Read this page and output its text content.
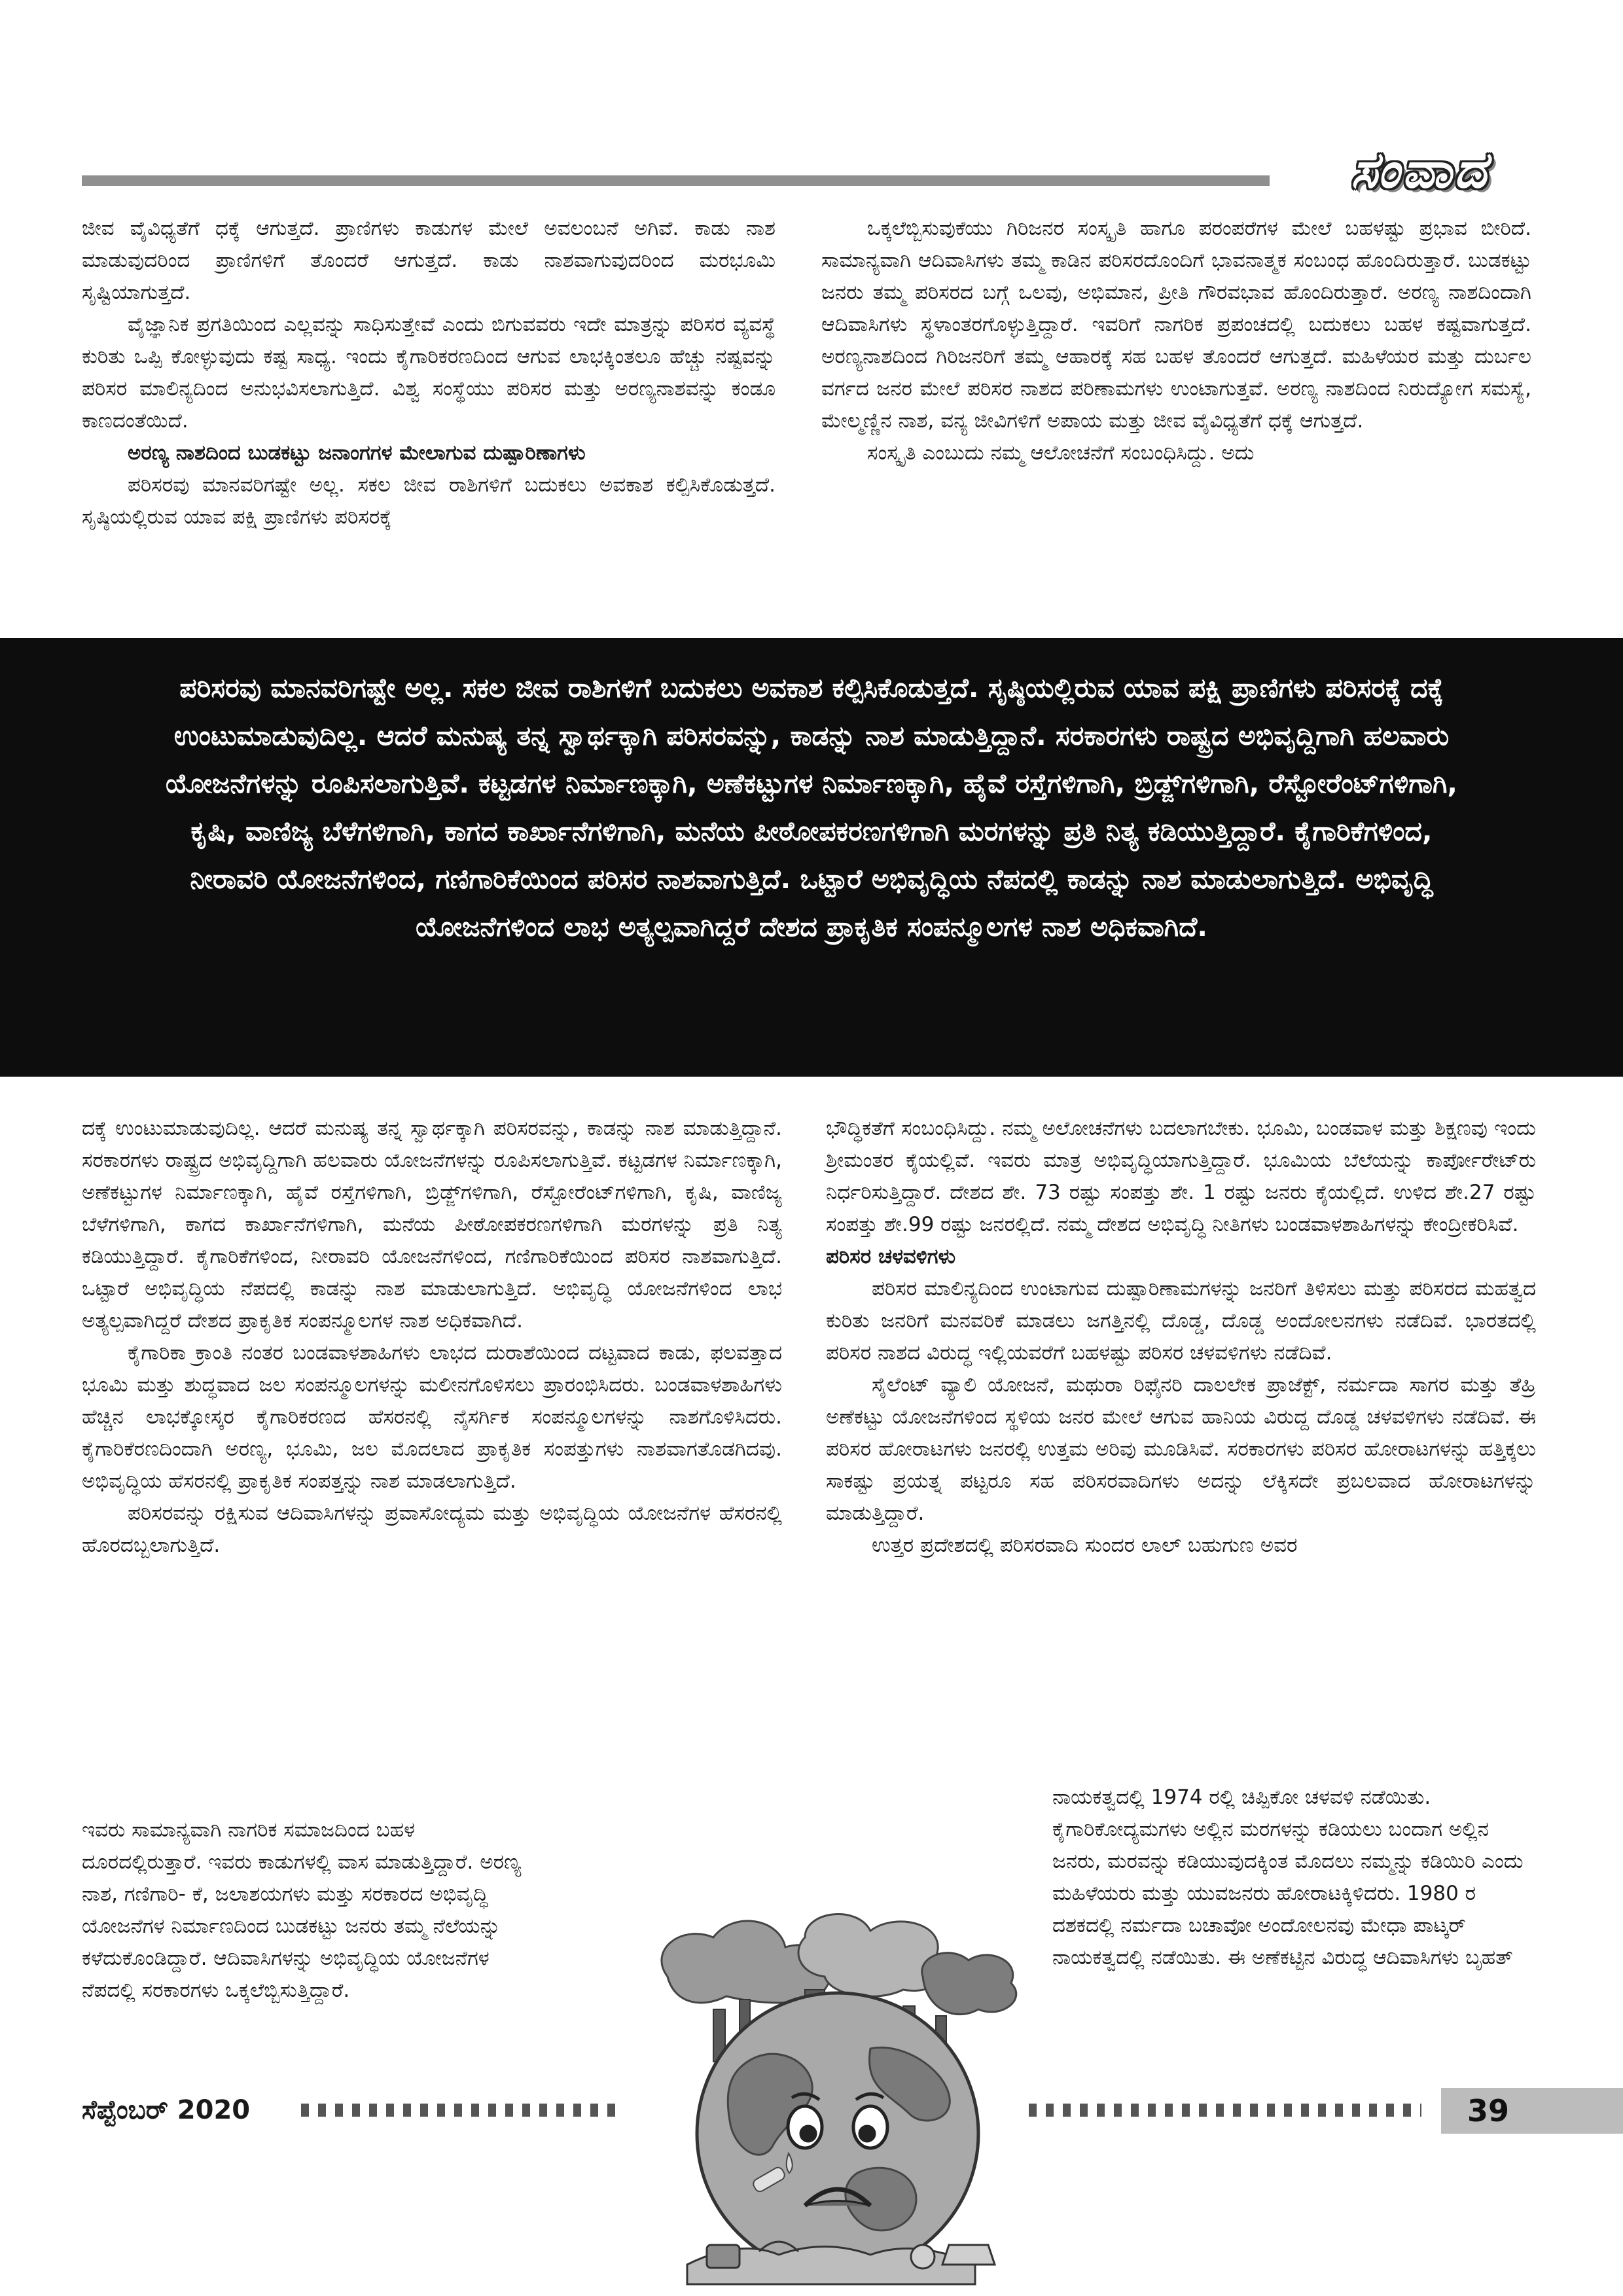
ಸಂವಾದ

ಜೀವ ವೈವಿಧ್ಯತೆಗೆ ಧಕ್ಕೆ ಆಗುತ್ತದೆ. ಪ್ರಾಣಿಗಳು ಕಾಡುಗಳ ಮೇಲೆ ಅವಲಂಬನೆ ಅಗಿವೆ. ಕಾಡು ನಾಶ ಮಾಡುವುದರಿಂದ ಪ್ರಾಣಿಗಳಿಗೆ ತೊಂದರೆ ಆಗುತ್ತದೆ. ಕಾಡು ನಾಶವಾಗುವುದರಿಂದ ಮರಭೂಮಿ ಸೃಷ್ಟಿಯಾಗುತ್ತದೆ.

ವೈಜ್ಞಾನಿಕ ಪ್ರಗತಿಯಿಂದ ಎಲ್ಲವನ್ನು ಸಾಧಿಸುತ್ತೇವೆ ಎಂದು ಬಿಗುವವರು ಇದೇ ಮಾತ್ರನ್ನು ಪರಿಸರ ವ್ಯವಸ್ಥೆ ಕುರಿತು ಒಪ್ಪಿ ಕೋಳ್ಳುವುದು ಕಷ್ಟ ಸಾಧ್ಯ. ಇಂದು ಕೈಗಾರಿಕರಣದಿಂದ ಆಗುವ ಲಾಭಕ್ಕಿಂತಲೂ ಹೆಚ್ಚು ನಷ್ಟವನ್ನು ಪರಿಸರ ಮಾಲಿನ್ಯದಿಂದ ಅನುಭವಿಸಲಾಗುತ್ತಿದೆ. ವಿಶ್ವ ಸಂಸ್ಥೆಯು ಪರಿಸರ ಮತ್ತು ಅರಣ್ಯನಾಶವನ್ನು ಕಂಡೂ ಕಾಣದಂತೆಯಿದೆ.

ಅರಣ್ಯ ನಾಶದಿಂದ ಬುಡಕಟ್ಟು ಜನಾಂಗಗಳ ಮೇಲಾಗುವ ದುಷ್ಪಾರಿಣಾಗಳು

ಪರಿಸರವು ಮಾನವರಿಗಷ್ಟೇ ಅಲ್ಲ. ಸಕಲ ಜೀವ ರಾಶಿಗಳಿಗೆ ಬದುಕಲು ಅವಕಾಶ ಕಲ್ಪಿಸಿಕೊಡುತ್ತದೆ. ಸೃಷ್ಠಿಯಲ್ಲಿರುವ ಯಾವ ಪಕ್ಷಿ ಪ್ರಾಣಿಗಳು ಪರಿಸರಕ್ಕೆ

ಒಕ್ಕಲೆಬ್ಬಿಸುವುಕೆಯು ಗಿರಿಜನರ ಸಂಸ್ಕೃತಿ ಹಾಗೂ ಪರಂಪರೆಗಳ ಮೇಲೆ ಬಹಳಷ್ಟು ಪ್ರಭಾವ ಬೀರಿದೆ. ಸಾಮಾನ್ಯವಾಗಿ ಆದಿವಾಸಿಗಳು ತಮ್ಮ ಕಾಡಿನ ಪರಿಸರದೊಂದಿಗೆ ಭಾವನಾತ್ಮಕ ಸಂಬಂಧ ಹೊಂದಿರುತ್ತಾರೆ. ಬುಡಕಟ್ಟು ಜನರು ತಮ್ಮ ಪರಿಸರದ ಬಗ್ಗೆ ಒಲವು, ಅಭಿಮಾನ, ಪ್ರೀತಿ ಗೌರವಭಾವ ಹೊಂದಿರುತ್ತಾರೆ. ಅರಣ್ಯ ನಾಶದಿಂದಾಗಿ ಆದಿವಾಸಿಗಳು ಸ್ಥಳಾಂತರಗೊಳ್ಳುತ್ತಿದ್ದಾರೆ. ಇವರಿಗೆ ನಾಗರಿಕ ಪ್ರಪಂಚದಲ್ಲಿ ಬದುಕಲು ಬಹಳ ಕಷ್ಟವಾಗುತ್ತದೆ. ಅರಣ್ಯನಾಶದಿಂದ ಗಿರಿಜನರಿಗೆ ತಮ್ಮ ಆಹಾರಕ್ಕೆ ಸಹ ಬಹಳ ತೊಂದರೆ ಆಗುತ್ತದೆ. ಮಹಿಳೆಯರ ಮತ್ತು ದುರ್ಬಲ ವರ್ಗದ ಜನರ ಮೇಲೆ ಪರಿಸರ ನಾಶದ ಪರಿಣಾಮಗಳು ಉಂಟಾಗುತ್ತವೆ. ಅರಣ್ಯ ನಾಶದಿಂದ ನಿರುದ್ಯೋಗ ಸಮಸ್ಯೆ, ಮೇಲ್ಮಣ್ಣಿನ ನಾಶ, ವನ್ಯ ಜೀವಿಗಳಿಗೆ ಅಪಾಯ ಮತ್ತು ಜೀವ ವೈವಿಧ್ಯತೆಗೆ ಧಕ್ಕೆ ಆಗುತ್ತದೆ.

ಸಂಸ್ಕೃತಿ ಎಂಬುದು ನಮ್ಮ ಆಲೋಚನೆಗೆ ಸಂಬಂಧಿಸಿದ್ದು. ಅದು

ಪರಿಸರವು ಮಾನವರಿಗಷ್ಟೇ ಅಲ್ಲ. ಸಕಲ ಜೀವ ರಾಶಿಗಳಿಗೆ ಬದುಕಲು ಅವಕಾಶ ಕಲ್ಪಿಸಿಕೊಡುತ್ತದೆ. ಸೃಷ್ಠಿಯಲ್ಲಿರುವ ಯಾವ ಪಕ್ಷಿ ಪ್ರಾಣಿಗಳು ಪರಿಸರಕ್ಕೆ ದಕ್ಕೆ ಉಂಟುಮಾಡುವುದಿಲ್ಲ. ಆದರೆ ಮನುಷ್ಯ ತನ್ನ ಸ್ವಾರ್ಥಕ್ಕಾಗಿ ಪರಿಸರವನ್ನು, ಕಾಡನ್ನು ನಾಶ ಮಾಡುತ್ತಿದ್ದಾನೆ. ಸರಕಾರಗಳು ರಾಷ್ಟ್ರದ ಅಭಿವೃದ್ದಿಗಾಗಿ ಹಲವಾರು ಯೋಜನೆಗಳನ್ನು ರೂಪಿಸಲಾಗುತ್ತಿವೆ. ಕಟ್ಟಡಗಳ ನಿರ್ಮಾಣಕ್ಕಾಗಿ, ಅಣೆಕಟ್ಟುಗಳ ನಿರ್ಮಾಣಕ್ಕಾಗಿ, ಹೈವೆ ರಸ್ತೆಗಳಿಗಾಗಿ, ಬ್ರಿಡ್ಜ್‌ಗಳಿಗಾಗಿ, ರೆಸ್ಟೋರೆಂಟ್‌ಗಳಿಗಾಗಿ, ಕೃಷಿ, ವಾಣಿಜ್ಯ ಬೆಳೆಗಳಿಗಾಗಿ, ಕಾಗದ ಕಾರ್ಖಾನೆಗಳಿಗಾಗಿ, ಮನೆಯ ಪೀಠೋಪಕರಣಗಳಿಗಾಗಿ ಮರಗಳನ್ನು ಪ್ರತಿ ನಿತ್ಯ ಕಡಿಯುತ್ತಿದ್ದಾರೆ. ಕೈಗಾರಿಕೆಗಳಿಂದ, ನೀರಾವರಿ ಯೋಜನೆಗಳಿಂದ, ಗಣಿಗಾರಿಕೆಯಿಂದ ಪರಿಸರ ನಾಶವಾಗುತ್ತಿದೆ. ಒಟ್ಟಾರೆ ಅಭಿವೃದ್ಧಿಯ ನೆಪದಲ್ಲಿ ಕಾಡನ್ನು ನಾಶ ಮಾಡುಲಾಗುತ್ತಿದೆ. ಅಭಿವೃದ್ಧಿ ಯೋಜನೆಗಳಿಂದ ಲಾಭ ಅತ್ಯಲ್ಪವಾಗಿದ್ದರೆ ದೇಶದ ಪ್ರಾಕೃತಿಕ ಸಂಪನ್ಮೂಲಗಳ ನಾಶ ಅಧಿಕವಾಗಿದೆ.

ದಕ್ಕೆ ಉಂಟುಮಾಡುವುದಿಲ್ಲ. ಆದರೆ ಮನುಷ್ಯ ತನ್ನ ಸ್ವಾರ್ಥಕ್ಕಾಗಿ ಪರಿಸರವನ್ನು, ಕಾಡನ್ನು ನಾಶ ಮಾಡುತ್ತಿದ್ದಾನೆ. ಸರಕಾರಗಳು ರಾಷ್ಟ್ರದ ಅಭಿವೃದ್ದಿಗಾಗಿ ಹಲವಾರು ಯೋಜನೆಗಳನ್ನು ರೂಪಿಸಲಾಗುತ್ತಿವೆ. ಕಟ್ಟಡಗಳ ನಿರ್ಮಾಣಕ್ಕಾಗಿ, ಅಣೆಕಟ್ಟುಗಳ ನಿರ್ಮಾಣಕ್ಕಾಗಿ, ಹೈವೆ ರಸ್ತೆಗಳಿಗಾಗಿ, ಬ್ರಿಡ್ಜ್‌ಗಳಿಗಾಗಿ, ರೆಸ್ಟೋರೆಂಟ್‌ಗಳಿಗಾಗಿ, ಕೃಷಿ, ವಾಣಿಜ್ಯ ಬೆಳೆಗಳಿಗಾಗಿ, ಕಾಗದ ಕಾರ್ಖಾನೆಗಳಿಗಾಗಿ, ಮನೆಯ ಪೀಠೋಪಕರಣಗಳಿಗಾಗಿ ಮರಗಳನ್ನು ಪ್ರತಿ ನಿತ್ಯ ಕಡಿಯುತ್ತಿದ್ದಾರೆ. ಕೈಗಾರಿಕೆಗಳಿಂದ, ನೀರಾವರಿ ಯೋಜನೆಗಳಿಂದ, ಗಣಿಗಾರಿಕೆಯಿಂದ ಪರಿಸರ ನಾಶವಾಗುತ್ತಿದೆ. ಒಟ್ಟಾರೆ ಅಭಿವೃದ್ಧಿಯ ನೆಪದಲ್ಲಿ ಕಾಡನ್ನು ನಾಶ ಮಾಡುಲಾಗುತ್ತಿದೆ. ಅಭಿವೃದ್ಧಿ ಯೋಜನೆಗಳಿಂದ ಲಾಭ ಅತ್ಯಲ್ಪವಾಗಿದ್ದರೆ ದೇಶದ ಪ್ರಾಕೃತಿಕ ಸಂಪನ್ಮೂಲಗಳ ನಾಶ ಅಧಿಕವಾಗಿದೆ.

ಕೈಗಾರಿಕಾ ಕ್ರಾಂತಿ ನಂತರ ಬಂಡವಾಳಶಾಹಿಗಳು ಲಾಭದ ದುರಾಶೆಯಿಂದ ದಟ್ಟವಾದ ಕಾಡು, ಫಲವತ್ತಾದ ಭೂಮಿ ಮತ್ತು ಶುದ್ಧವಾದ ಜಲ ಸಂಪನ್ಮೂಲಗಳನ್ನು ಮಲೀನಗೊಳಿಸಲು ಪ್ರಾರಂಭಿಸಿದರು. ಬಂಡವಾಳಶಾಹಿಗಳು ಹೆಚ್ಚಿನ ಲಾಭಕ್ಕೋಸ್ಕರ ಕೈಗಾರಿಕರಣದ ಹೆಸರನಲ್ಲಿ ನೈಸರ್ಗಿಕ ಸಂಪನ್ಮೂಲಗಳನ್ನು ನಾಶಗೊಳಿಸಿದರು. ಕೈಗಾರಿಕೆರಣದಿಂದಾಗಿ ಅರಣ್ಯ, ಭೂಮಿ, ಜಲ ಮೊದಲಾದ ಪ್ರಾಕೃತಿಕ ಸಂಪತ್ತುಗಳು ನಾಶವಾಗತೊಡಗಿದವು. ಅಭಿವೃದ್ಧಿಯ ಹೆಸರನಲ್ಲಿ ಪ್ರಾಕೃತಿಕ ಸಂಪತ್ತನ್ನು ನಾಶ ಮಾಡಲಾಗುತ್ತಿದೆ.

ಪರಿಸರವನ್ನು ರಕ್ಷಿಸುವ ಆದಿವಾಸಿಗಳನ್ನು ಪ್ರವಾಸೋದ್ಯಮ ಮತ್ತು ಅಭಿವೃದ್ಧಿಯ ಯೋಜನೆಗಳ ಹೆಸರನಲ್ಲಿ ಹೊರದಬ್ಬಲಾಗುತ್ತಿದೆ.

ಇವರು ಸಾಮಾನ್ಯವಾಗಿ ನಾಗರಿಕ ಸಮಾಜದಿಂದ ಬಹಳ ದೂರದಲ್ಲಿರುತ್ತಾರೆ. ಇವರು ಕಾಡುಗಳಲ್ಲಿ ವಾಸ ಮಾಡುತ್ತಿದ್ದಾರೆ. ಅರಣ್ಯ ನಾಶ, ಗಣಿಗಾರಿ- ಕೆ, ಜಲಾಶಯಗಳು ಮತ್ತು ಸರಕಾರದ ಅಭಿವೃದ್ಧಿ ಯೋಜನೆಗಳ ನಿರ್ಮಾಣದಿಂದ ಬುಡಕಟ್ಟು ಜನರು ತಮ್ಮ ನೆಲೆಯನ್ನು ಕಳೆದುಕೊಂಡಿದ್ದಾರೆ. ಆದಿವಾಸಿಗಳನ್ನು ಅಭಿವೃದ್ಧಿಯ ಯೋಜನೆಗಳ ನೆಪದಲ್ಲಿ ಸರಕಾರಗಳು ಒಕ್ಕಲೆಬ್ಬಿಸುತ್ತಿದ್ದಾರೆ.

ಭೌದ್ಧಿಕತೆಗೆ ಸಂಬಂಧಿಸಿದ್ದು. ನಮ್ಮ ಅಲೋಚನೆಗಳು ಬದಲಾಗಬೇಕು. ಭೂಮಿ, ಬಂಡವಾಳ ಮತ್ತು ಶಿಕ್ಷಣವು ಇಂದು ಶ್ರೀಮಂತರ ಕೈಯಲ್ಲಿವೆ. ಇವರು ಮಾತ್ರ ಅಭಿವೃದ್ಧಿಯಾಗುತ್ತಿದ್ದಾರೆ. ಭೂಮಿಯ ಬೆಲೆಯನ್ನು ಕಾರ್ಪೋರೇಟ್‌ರು ನಿರ್ಧರಿಸುತ್ತಿದ್ದಾರೆ. ದೇಶದ ಶೇ. 73 ರಷ್ಟು ಸಂಪತ್ತು ಶೇ. 1 ರಷ್ಟು ಜನರು ಕೈಯಲ್ಲಿದೆ. ಉಳಿದ ಶೇ.27 ರಷ್ಟು ಸಂಪತ್ತು ಶೇ.99 ರಷ್ಟು ಜನರಲ್ಲಿದೆ. ನಮ್ಮ ದೇಶದ ಅಭಿವೃದ್ಧಿ ನೀತಿಗಳು ಬಂಡವಾಳಶಾಹಿಗಳನ್ನು ಕೇಂದ್ರೀಕರಿಸಿವೆ.

ಪರಿಸರ ಚಳವಳಿಗಳು

ಪರಿಸರ ಮಾಲಿನ್ಯದಿಂದ ಉಂಟಾಗುವ ದುಷ್ಪಾರಿಣಾಮಗಳನ್ನು ಜನರಿಗೆ ತಿಳಿಸಲು ಮತ್ತು ಪರಿಸರದ ಮಹತ್ವದ ಕುರಿತು ಜನರಿಗೆ ಮನವರಿಕೆ ಮಾಡಲು ಜಗತ್ತಿನಲ್ಲಿ ದೊಡ್ಡ, ದೊಡ್ಡ ಅಂದೋಲನಗಳು ನಡೆದಿವೆ. ಭಾರತದಲ್ಲಿ ಪರಿಸರ ನಾಶದ ವಿರುದ್ಧ ಇಲ್ಲಿಯವರೆಗೆ ಬಹಳಷ್ಟು ಪರಿಸರ ಚಳವಳಿಗಳು ನಡೆದಿವೆ.

ಸೈಲೆಂಟ್ ವ್ಯಾಲಿ ಯೋಜನೆ, ಮಥುರಾ ರಿಫೈನರಿ ದಾಲಲೇಕ ಪ್ರಾಜೆಕ್ಟ್, ನರ್ಮದಾ ಸಾಗರ ಮತ್ತು ತೆಹ್ರಿ ಅಣೆಕಟ್ಟು ಯೋಜನೆಗಳಿಂದ ಸ್ಥಳಿಯ ಜನರ ಮೇಲೆ ಆಗುವ ಹಾನಿಯ ವಿರುದ್ದ ದೊಡ್ಡ ಚಳವಳಿಗಳು ನಡೆದಿವೆ. ಈ ಪರಿಸರ ಹೋರಾಟಗಳು ಜನರಲ್ಲಿ ಉತ್ತಮ ಅರಿವು ಮೂಡಿಸಿವೆ. ಸರಕಾರಗಳು ಪರಿಸರ ಹೋರಾಟಗಳನ್ನು ಹತ್ತಿಕ್ಕಲು ಸಾಕಷ್ಟು ಪ್ರಯತ್ನ ಪಟ್ಟರೂ ಸಹ ಪರಿಸರವಾದಿಗಳು ಅದನ್ನು ಲೆಕ್ಕಿಸದೇ ಪ್ರಬಲವಾದ ಹೋರಾಟಗಳನ್ನು ಮಾಡುತ್ತಿದ್ದಾರೆ.

ಉತ್ತರ ಪ್ರದೇಶದಲ್ಲಿ ಪರಿಸರವಾದಿ ಸುಂದರ ಲಾಲ್ ಬಹುಗುಣ ಅವರ

ನಾಯಕತ್ವದಲ್ಲಿ 1974 ರಲ್ಲಿ ಚಿಪ್ಪಿಕೋ ಚಳವಳಿ ನಡೆಯಿತು. ಕೈಗಾರಿಕೋದ್ಯಮಗಳು ಅಲ್ಲಿನ ಮರಗಳನ್ನು ಕಡಿಯಲು ಬಂದಾಗ ಅಲ್ಲಿನ ಜನರು, ಮರವನ್ನು ಕಡಿಯುವುದಕ್ಕಿಂತ ಮೊದಲು ನಮ್ಮನ್ನು ಕಡಿಯಿರಿ ಎಂದು ಮಹಿಳೆಯರು ಮತ್ತು ಯುವಜನರು ಹೋರಾಟಕ್ಕಿಳಿದರು. 1980 ರ ದಶಕದಲ್ಲಿ ನರ್ಮದಾ ಬಚಾವೋ ಅಂದೋಲನವು ಮೇಧಾ ಪಾಟ್ಕರ್ ನಾಯಕತ್ವದಲ್ಲಿ ನಡೆಯಿತು. ಈ ಅಣೆಕಟ್ಟಿನ ವಿರುದ್ಧ ಆದಿವಾಸಿಗಳು ಬೃಹತ್

ಸೆಪ್ಟೆಂಬರ್ 2020	39
